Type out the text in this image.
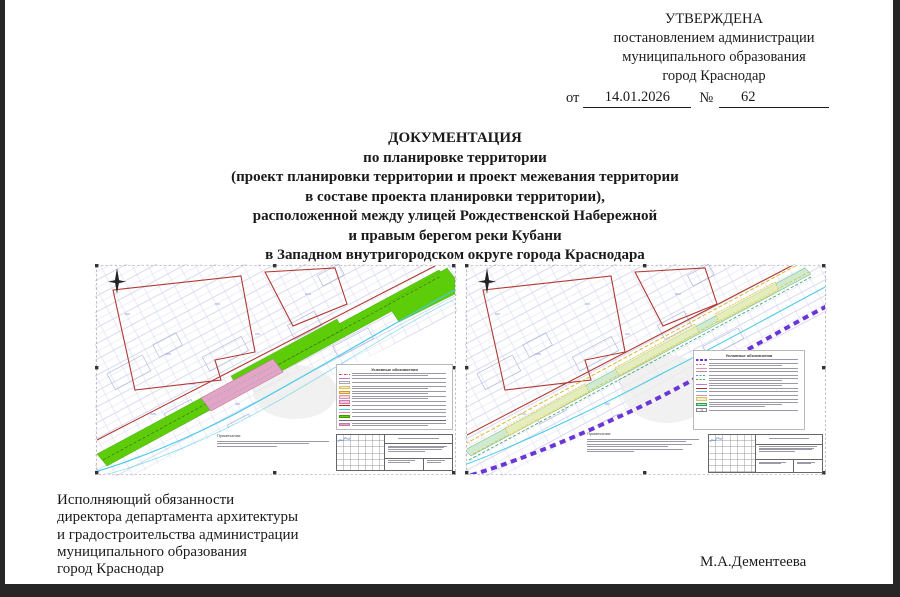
УТВЕРЖДЕНА
постановлением администрации
муниципального образования
город Краснодар
от	14.01.2026	№	62
ДОКУМЕНТАЦИЯ
по планировке территории
(проект планировки территории и проект межевания территории
в составе проекта планировки территории),
расположенной между улицей Рождественской Набережной
и правым берегом реки Кубани
в Западном внутригородском округе города Краснодара
Условные обозначения
Примечания:
Условные обозначения
:1
Примечания:
Исполняющий обязанности
директора департамента архитектуры
и градостроительства администрации
муниципального образования
город Краснодар	М.А.Дементеева
